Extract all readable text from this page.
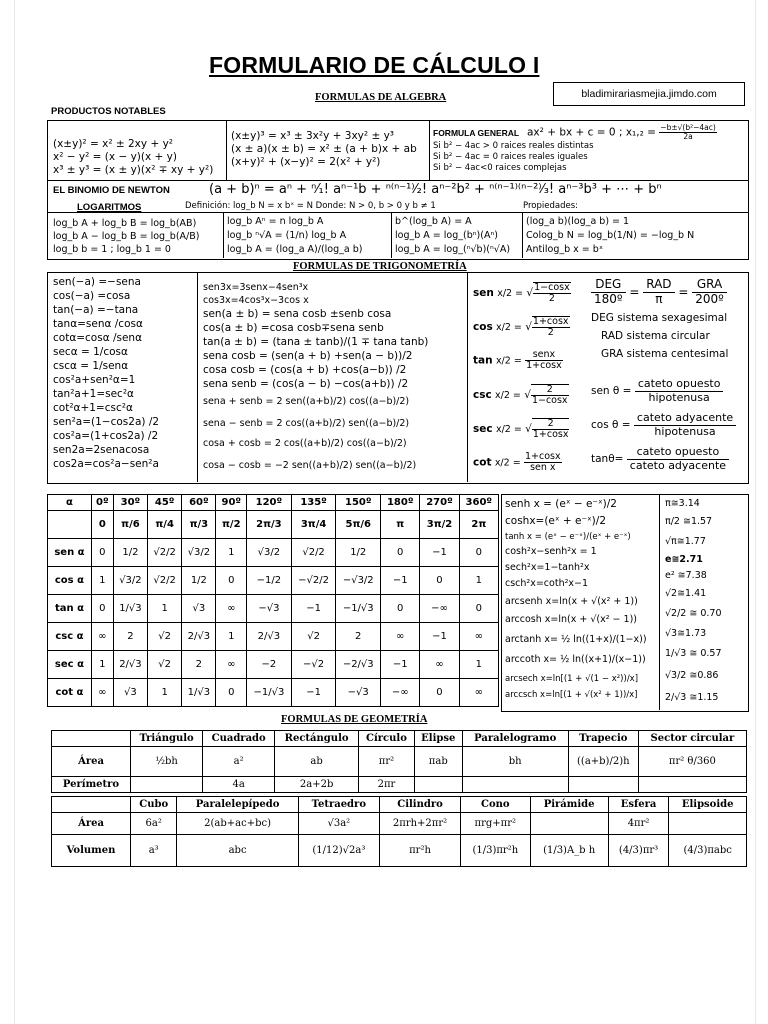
FORMULARIO DE CÁLCULO I
bladimirariasmejia.jimdo.com
FORMULAS DE ALGEBRA
PRODUCTOS NOTABLES
(x±y)² = x² ± 2xy + y²
x² − y² = (x − y)(x + y)
x³ ± y³ = (x ± y)(x² ∓ xy + y²)
(x±y)³ = x³ ± 3x²y + 3xy² ± y³
(x ± a)(x ± b) = x² ± (a + b)x + ab
(x+y)² + (x−y)² = 2(x² + y²)
FORMULA GENERAL ax² + bx + c = 0 ; $x_1,_2 = \frac{\text{−b±√(b²−4ac)}}{2a}$
Si b² − 4ac > 0 raices reales distintas
Si b² − 4ac = 0 raices reales iguales
Si b² − 4ac<0 raices complejas
EL BINOMIO DE NEWTON	(a + b)ⁿ = aⁿ + ⁿ⁄₁! aⁿ⁻¹b + ⁿ⁽ⁿ⁻¹⁾⁄₂! aⁿ⁻²b² + ⁿ⁽ⁿ⁻¹⁾⁽ⁿ⁻²⁾⁄₃! aⁿ⁻³b³ + ⋯ + bⁿ
LOGARITMOS	Definición: log_b N = x bˣ = N Donde: N > 0, b > 0 y b ≠ 1	Propiedades:
log_b A + log_b B = log_b(AB)
log_b A − log_b B = log_b(A/B)
log_b b = 1 ; log_b 1 = 0
log_b Aⁿ = n log_b A
log_b ⁿ√A = (1/n) log_b A
log_b A = (log_a A)/(log_a b)
b^(log_b A) = A
log_b A = log_(bⁿ)(Aⁿ)
log_b A = log_(ⁿ√b)(ⁿ√A)
(log_a b)(log_a b) = 1
Colog_b N = log_b(1/N) = −log_b N
Antilog_b x = bˣ
FORMULAS DE TRIGONOMETRÍA
sen(−a) =−sena
cos(−a) =cosa
tan(−a) =−tana
tanα=senα /cosα
cotα=cosα /senα
secα = 1/cosα
cscα = 1/senα
cos²a+sen²α=1
tan²a+1=sec²α
cot²α+1=csc²α
sen²a=(1−cos2a) /2
cos²a=(1+cos2a) /2
sen2a=2senacosa
cos2a=cos²a−sen²a
sen3x=3senx−4sen³x
cos3x=4cos³x−3cos x
sen(a ± b) = sena cosb ±senb cosa
cos(a ± b) =cosa cosb∓sena senb
tan(a ± b) = (tana ± tanb)/(1 ∓ tana tanb)
sena cosb = (sen(a + b) +sen(a − b))/2
cosa cosb = (cos(a + b) +cos(a−b)) /2
sena senb = (cos(a − b) −cos(a+b)) /2
sena + senb = 2 sen((a+b)/2) cos((a−b)/2)
sena − senb = 2 cos((a+b)/2) sen((a−b)/2)
cosa + cosb = 2 cos((a+b)/2) cos((a−b)/2)
cosa − cosb = −2 sen((a+b)/2) sen((a−b)/2)
sen x/2 = √ $\frac{1-\cos x}{2}$
cos x/2 = √ $\frac{1+\cos x}{2}$
$\tan x/2 = \frac{\text{senx}}{1+\cos x}$
csc x/2 = √ $\frac{2}{1-\cos x}$
sec x/2 = √ $\frac{2}{1+\cos x}$
$\cot x/2 = \frac{1+\cos x}{\text{sen x}}$
DEG
180º =
RAD
π	=
GRA
200º
DEG sistema sexagesimal
RAD sistema circular
GRA sistema centesimal
sen θ =
cateto opuesto
hipotenusa
cos θ =
cateto adyacente
hipotenusa
tanθ=
cateto opuesto
cateto adyacente
α	0º	30º	45º	60º	90º	120º	135º	150º	180º	270º	360º
	0	π/6	π/4	π/3	π/2	2π/3	3π/4	5π/6	π	3π/2	2π
sen α	0	1/2	√2/2	√3/2	1	√3/2	√2/2	1/2	0	−1	0
cos α	1	√3/2	√2/2	1/2	0	−1/2	−√2/2	−√3/2	−1	0	1
tan α	0	1/√3	1	√3	∞	−√3	−1	−1/√3	0	−∞	0
csc α	∞	2	√2	2/√3	1	2/√3	√2	2	∞	−1	∞
sec α	1	2/√3	√2	2	∞	−2	−√2	−2/√3	−1	∞	1
cot α	∞	√3	1	1/√3	0	−1/√3	−1	−√3	−∞	0	∞
senh x = (eˣ − e⁻ˣ)/2
coshx=(eˣ + e⁻ˣ)/2
tanh x = (eˣ − e⁻ˣ)/(eˣ + e⁻ˣ)
cosh²x−senh²x = 1
sech²x=1−tanh²x
csch²x=coth²x−1
arcsenh x=ln(x + √(x² + 1))
arccosh x=ln(x + √(x² − 1))
arctanh x= ½ ln((1+x)/(1−x))
arccoth x= ½ ln((x+1)/(x−1))
arcsech x=ln[(1 + √(1 − x²))/x]
arccsch x=ln[(1 + √(x² + 1))/x]
π≅3.14
π/2 ≅1.57
√π≅1.77
e≅2.71
e² ≅7.38
√2≅1.41
√2/2 ≅ 0.70
√3≅1.73
1/√3 ≅ 0.57
√3/2 ≅0.86
2/√3 ≅1.15
FORMULAS DE GEOMETRÍA
	Triángulo	Cuadrado	Rectángulo	Círculo	Elipse	Paralelogramo	Trapecio	Sector circular
Área	½bh	a²	ab	πr²	πab	bh	((a+b)/2)h	πr² θ/360
Perímetro		4a	2a+2b	2πr				
	Cubo	Paralelepípedo	Tetraedro	Cilindro	Cono	Pirámide	Esfera	Elipsoide
Área	6a²	2(ab+ac+bc)	√3a²	2πrh+2πr²	πrg+πr²		4πr²	
Volumen	a³	abc	(1/12)√2a³	πr²h	(1/3)πr²h	(1/3)A_b h	(4/3)πr³	(4/3)πabc
